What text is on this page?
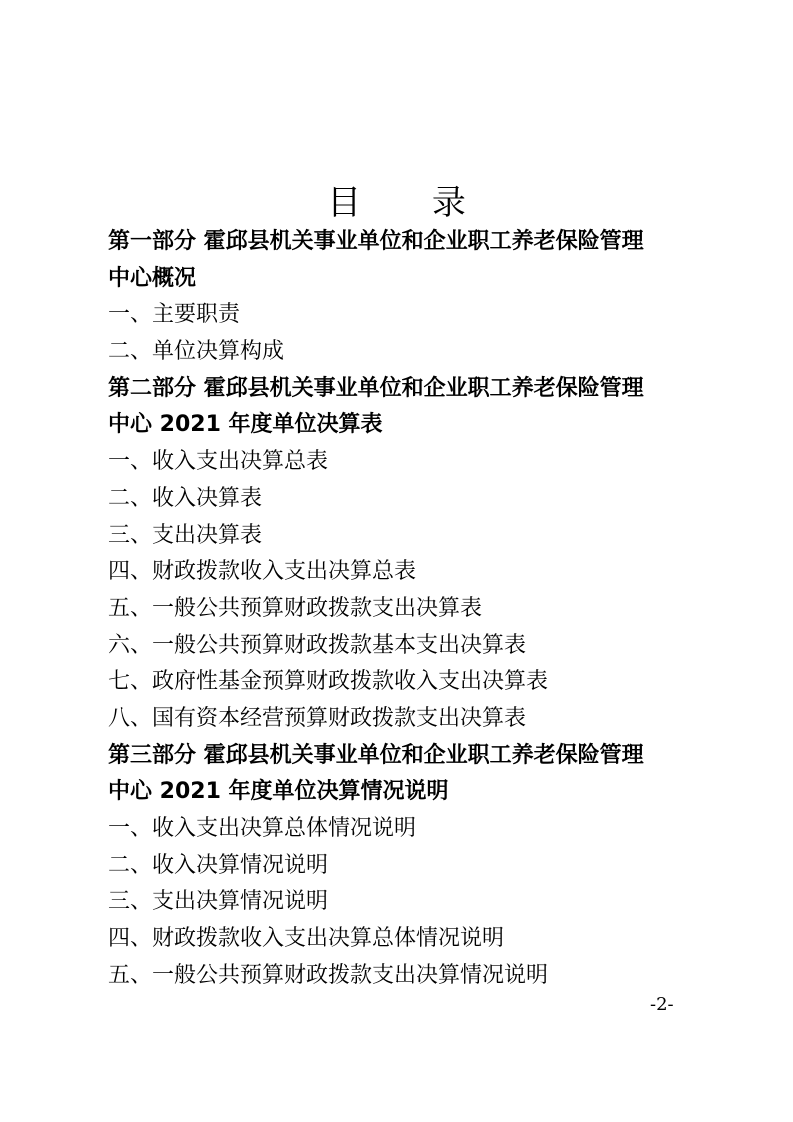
目 录
第一部分 霍邱县机关事业单位和企业职工养老保险管理
中心概况
一、主要职责
二、单位决算构成
第二部分 霍邱县机关事业单位和企业职工养老保险管理
中心 2021 年度单位决算表
一、收入支出决算总表
二、收入决算表
三、支出决算表
四、财政拨款收入支出决算总表
五、一般公共预算财政拨款支出决算表
六、一般公共预算财政拨款基本支出决算表
七、政府性基金预算财政拨款收入支出决算表
八、国有资本经营预算财政拨款支出决算表
第三部分 霍邱县机关事业单位和企业职工养老保险管理
中心 2021 年度单位决算情况说明
一、收入支出决算总体情况说明
二、收入决算情况说明
三、支出决算情况说明
四、财政拨款收入支出决算总体情况说明
五、一般公共预算财政拨款支出决算情况说明
-2-
